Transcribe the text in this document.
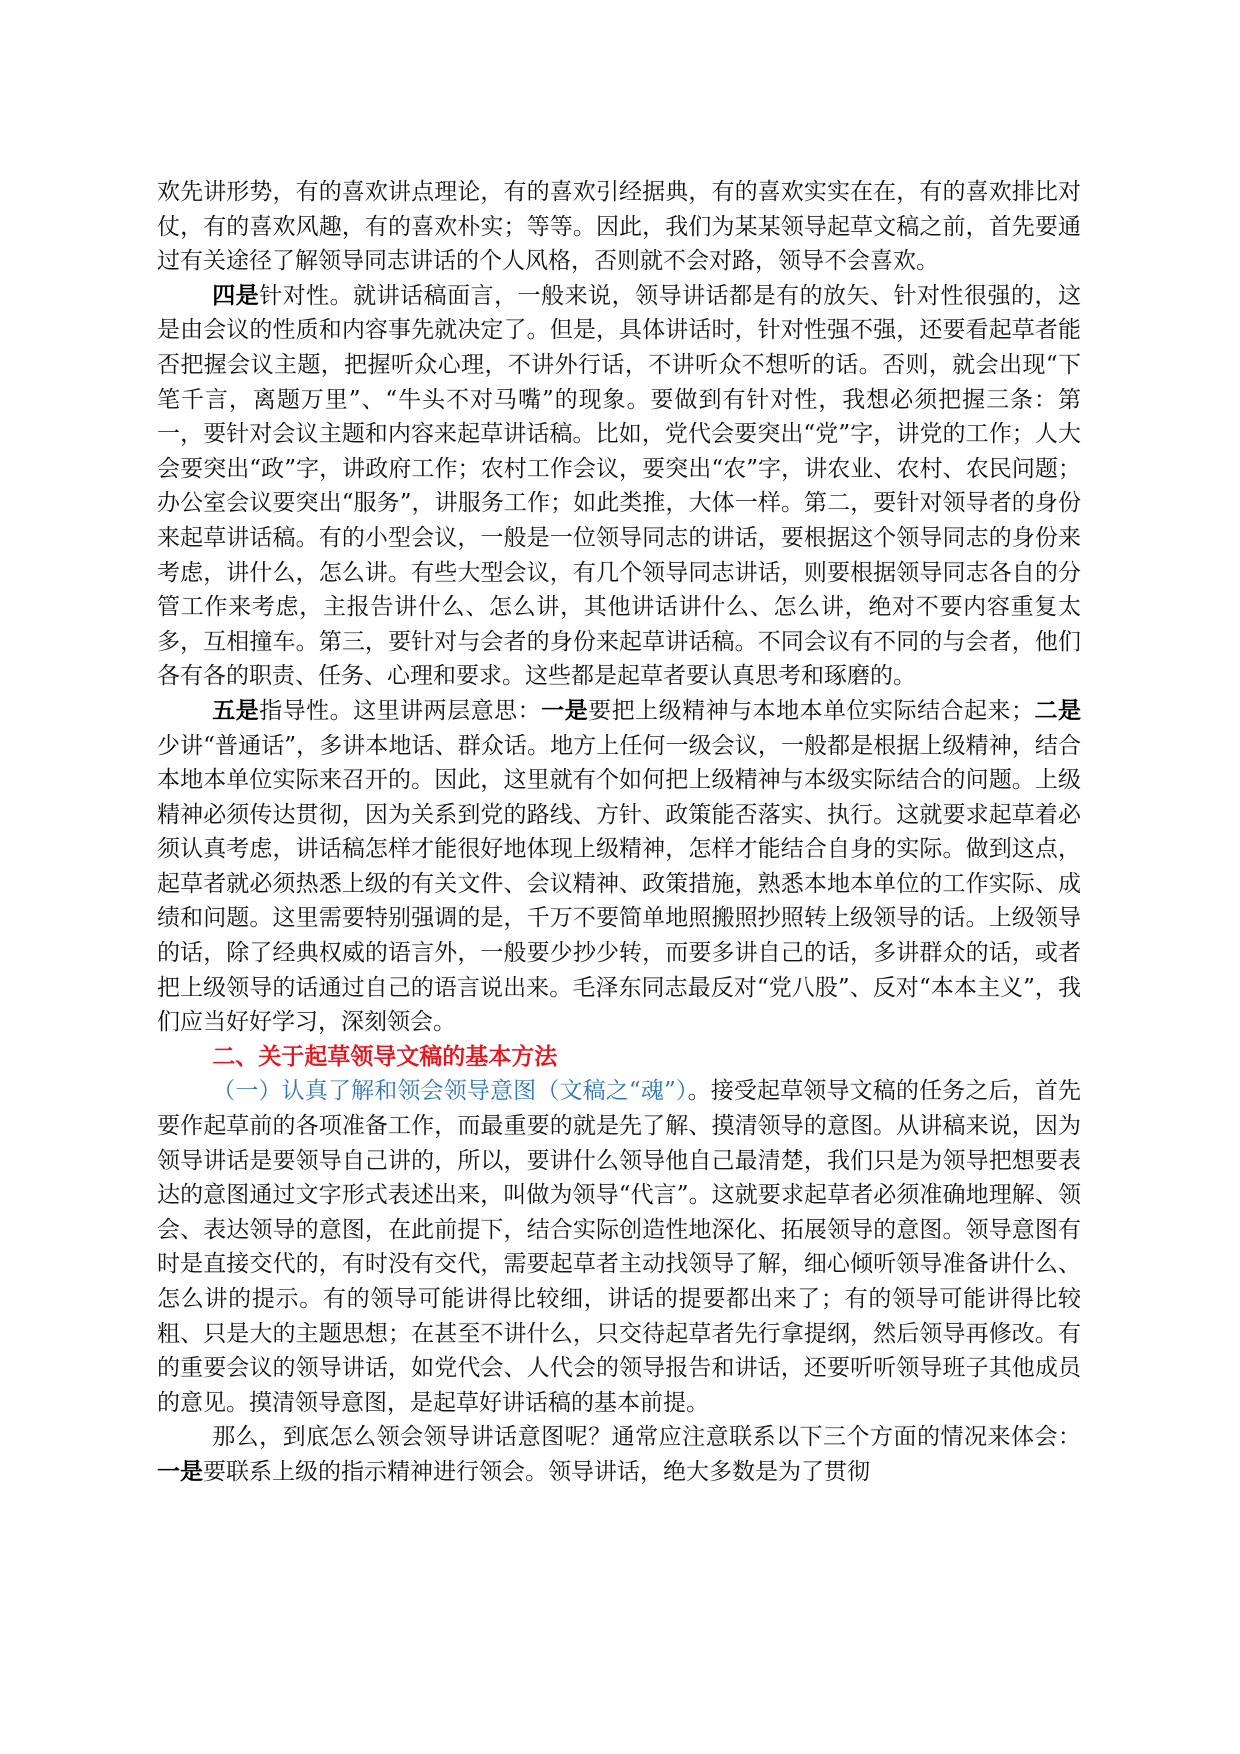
欢先讲形势，有的喜欢讲点理论，有的喜欢引经据典，有的喜欢实实在在，有的喜欢排比对仗，有的喜欢风趣，有的喜欢朴实；等等。因此，我们为某某领导起草文稿之前，首先要通过有关途径了解领导同志讲话的个人风格，否则就不会对路，领导不会喜欢。

四是针对性。就讲话稿面言，一般来说，领导讲话都是有的放矢、针对性很强的，这是由会议的性质和内容事先就决定了。但是，具体讲话时，针对性强不强，还要看起草者能否把握会议主题，把握听众心理，不讲外行话，不讲听众不想听的话。否则，就会出现“下笔千言，离题万里”、“牛头不对马嘴”的现象。要做到有针对性，我想必须把握三条：第一，要针对会议主题和内容来起草讲话稿。比如，党代会要突出“党”字，讲党的工作；人大会要突出“政”字，讲政府工作；农村工作会议，要突出“农”字，讲农业、农村、农民问题；办公室会议要突出“服务”，讲服务工作；如此类推，大体一样。第二，要针对领导者的身份来起草讲话稿。有的小型会议，一般是一位领导同志的讲话，要根据这个领导同志的身份来考虑，讲什么，怎么讲。有些大型会议，有几个领导同志讲话，则要根据领导同志各自的分管工作来考虑，主报告讲什么、怎么讲，其他讲话讲什么、怎么讲，绝对不要内容重复太多，互相撞车。第三，要针对与会者的身份来起草讲话稿。不同会议有不同的与会者，他们各有各的职责、任务、心理和要求。这些都是起草者要认真思考和琢磨的。

五是指导性。这里讲两层意思：一是要把上级精神与本地本单位实际结合起来；二是少讲“普通话”，多讲本地话、群众话。地方上任何一级会议，一般都是根据上级精神，结合本地本单位实际来召开的。因此，这里就有个如何把上级精神与本级实际结合的问题。上级精神必须传达贯彻，因为关系到党的路线、方针、政策能否落实、执行。这就要求起草着必须认真考虑，讲话稿怎样才能很好地体现上级精神，怎样才能结合自身的实际。做到这点，起草者就必须热悉上级的有关文件、会议精神、政策措施，熟悉本地本单位的工作实际、成绩和问题。这里需要特别强调的是，千万不要简单地照搬照抄照转上级领导的话。上级领导的话，除了经典权威的语言外，一般要少抄少转，而要多讲自己的话，多讲群众的话，或者把上级领导的话通过自己的语言说出来。毛泽东同志最反对“党八股”、反对“本本主义”，我们应当好好学习，深刻领会。

二、关于起草领导文稿的基本方法

（一）认真了解和领会领导意图（文稿之“魂”）。接受起草领导文稿的任务之后，首先要作起草前的各项准备工作，而最重要的就是先了解、摸清领导的意图。从讲稿来说，因为领导讲话是要领导自己讲的，所以，要讲什么领导他自己最清楚，我们只是为领导把想要表达的意图通过文字形式表述出来，叫做为领导“代言”。这就要求起草者必须准确地理解、领会、表达领导的意图，在此前提下，结合实际创造性地深化、拓展领导的意图。领导意图有时是直接交代的，有时没有交代，需要起草者主动找领导了解，细心倾听领导准备讲什么、怎么讲的提示。有的领导可能讲得比较细，讲话的提要都出来了；有的领导可能讲得比较粗、只是大的主题思想；在甚至不讲什么，只交待起草者先行拿提纲，然后领导再修改。有的重要会议的领导讲话，如党代会、人代会的领导报告和讲话，还要听听领导班子其他成员的意见。摸清领导意图，是起草好讲话稿的基本前提。

那么，到底怎么领会领导讲话意图呢？通常应注意联系以下三个方面的情况来体会：一是要联系上级的指示精神进行领会。领导讲话，绝大多数是为了贯彻
